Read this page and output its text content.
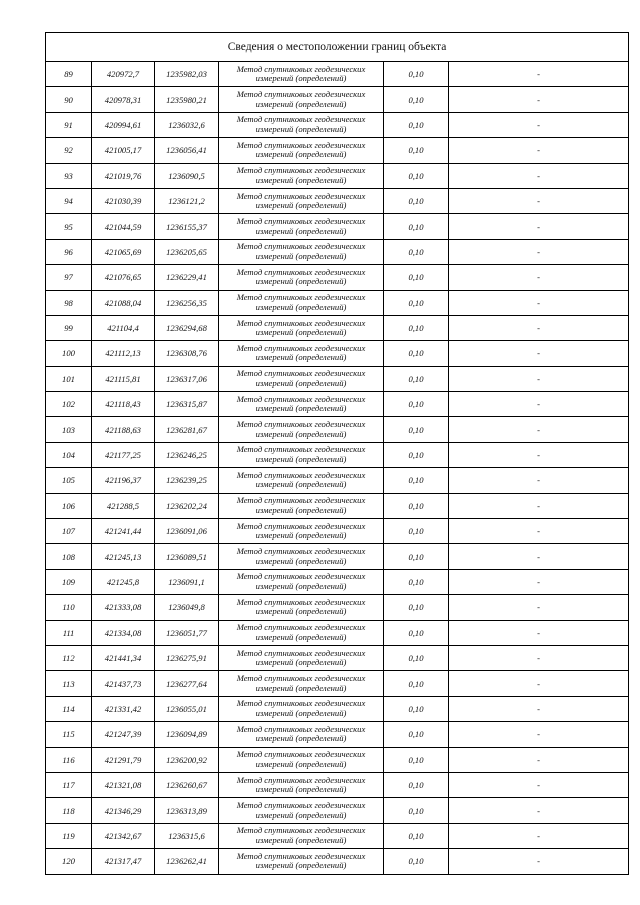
Сведения о местоположении границ объекта					
89	420972,7	1235982,03	Метод спутниковых геодезических
измерений (определений)	0,10	-
90	420978,31	1235980,21	Метод спутниковых геодезических
измерений (определений)	0,10	-
91	420994,61	1236032,6	Метод спутниковых геодезических
измерений (определений)	0,10	-
92	421005,17	1236056,41	Метод спутниковых геодезических
измерений (определений)	0,10	-
93	421019,76	1236090,5	Метод спутниковых геодезических
измерений (определений)	0,10	-
94	421030,39	1236121,2	Метод спутниковых геодезических
измерений (определений)	0,10	-
95	421044,59	1236155,37	Метод спутниковых геодезических
измерений (определений)	0,10	-
96	421065,69	1236205,65	Метод спутниковых геодезических
измерений (определений)	0,10	-
97	421076,65	1236229,41	Метод спутниковых геодезических
измерений (определений)	0,10	-
98	421088,04	1236256,35	Метод спутниковых геодезических
измерений (определений)	0,10	-
99	421104,4	1236294,68	Метод спутниковых геодезических
измерений (определений)	0,10	-
100	421112,13	1236308,76	Метод спутниковых геодезических
измерений (определений)	0,10	-
101	421115,81	1236317,06	Метод спутниковых геодезических
измерений (определений)	0,10	-
102	421118,43	1236315,87	Метод спутниковых геодезических
измерений (определений)	0,10	-
103	421188,63	1236281,67	Метод спутниковых геодезических
измерений (определений)	0,10	-
104	421177,25	1236246,25	Метод спутниковых геодезических
измерений (определений)	0,10	-
105	421196,37	1236239,25	Метод спутниковых геодезических
измерений (определений)	0,10	-
106	421288,5	1236202,24	Метод спутниковых геодезических
измерений (определений)	0,10	-
107	421241,44	1236091,06	Метод спутниковых геодезических
измерений (определений)	0,10	-
108	421245,13	1236089,51	Метод спутниковых геодезических
измерений (определений)	0,10	-
109	421245,8	1236091,1	Метод спутниковых геодезических
измерений (определений)	0,10	-
110	421333,08	1236049,8	Метод спутниковых геодезических
измерений (определений)	0,10	-
111	421334,08	1236051,77	Метод спутниковых геодезических
измерений (определений)	0,10	-
112	421441,34	1236275,91	Метод спутниковых геодезических
измерений (определений)	0,10	-
113	421437,73	1236277,64	Метод спутниковых геодезических
измерений (определений)	0,10	-
114	421331,42	1236055,01	Метод спутниковых геодезических
измерений (определений)	0,10	-
115	421247,39	1236094,89	Метод спутниковых геодезических
измерений (определений)	0,10	-
116	421291,79	1236200,92	Метод спутниковых геодезических
измерений (определений)	0,10	-
117	421321,08	1236260,67	Метод спутниковых геодезических
измерений (определений)	0,10	-
118	421346,29	1236313,89	Метод спутниковых геодезических
измерений (определений)	0,10	-
119	421342,67	1236315,6	Метод спутниковых геодезических
измерений (определений)	0,10	-
120	421317,47	1236262,41	Метод спутниковых геодезических
измерений (определений)	0,10	-
